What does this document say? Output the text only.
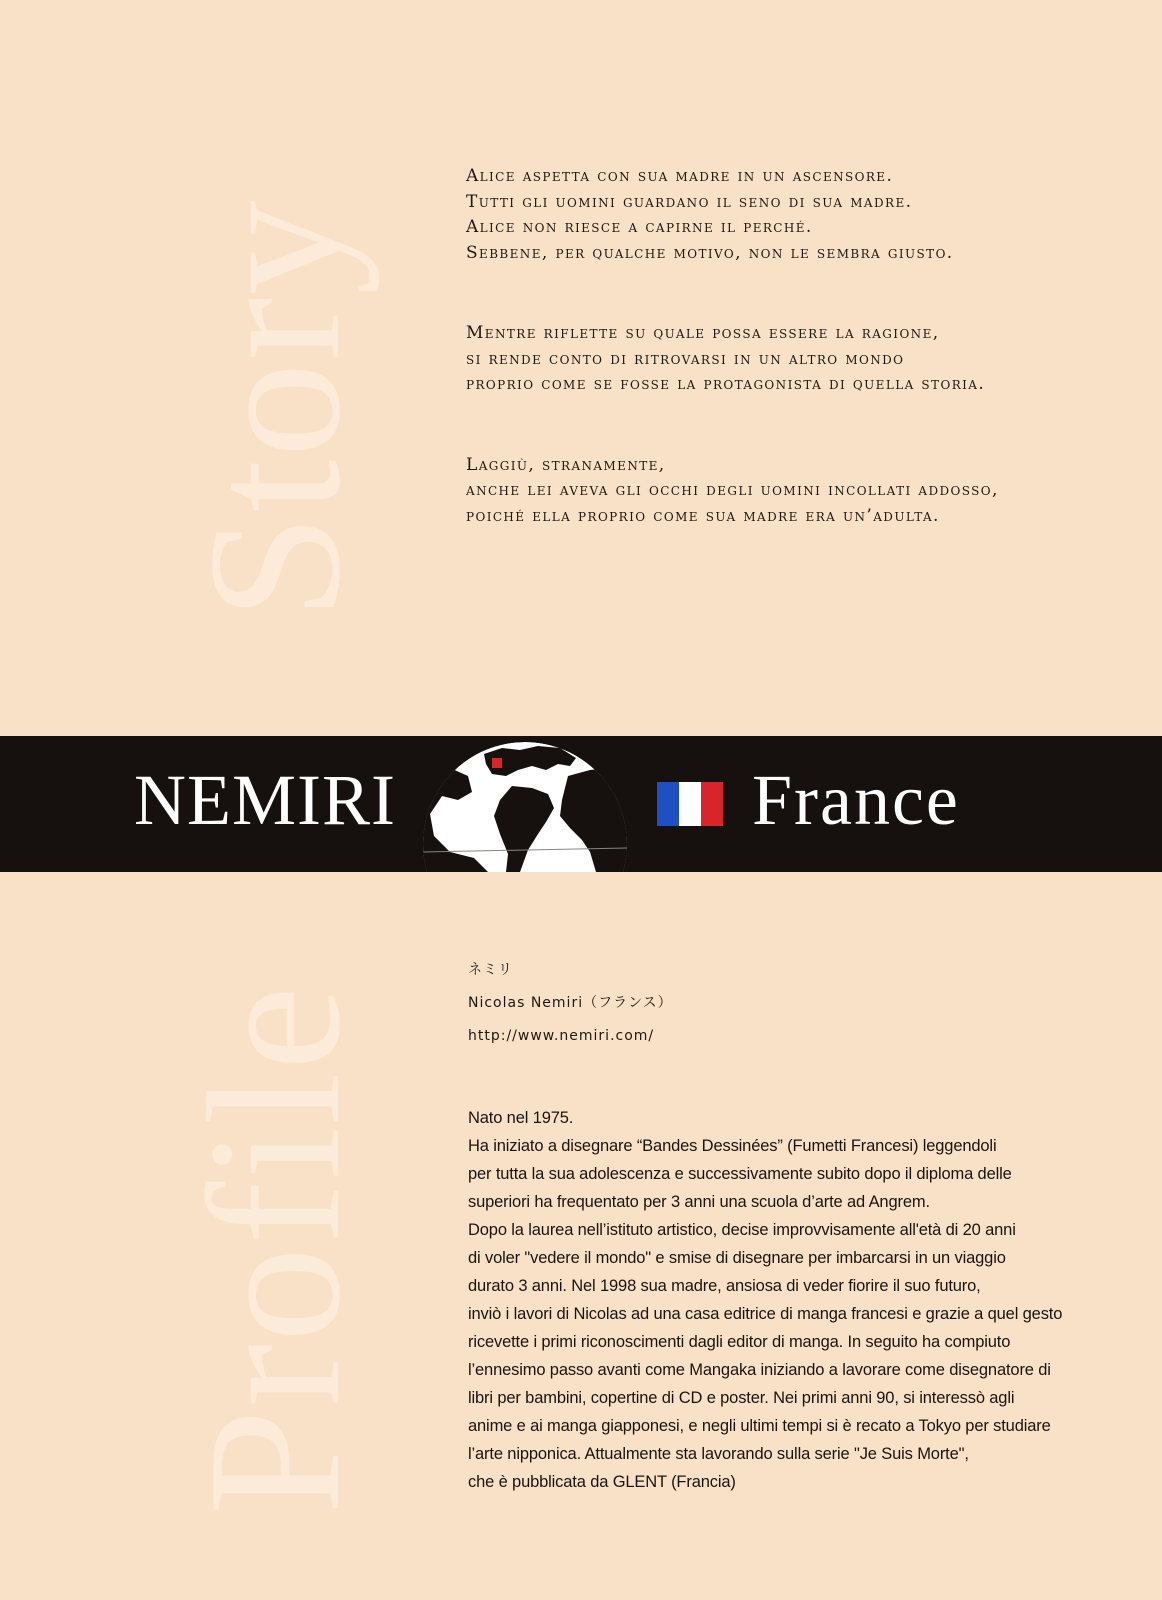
Story
Profile

Alice aspetta con sua madre in un ascensore.

Tutti gli uomini guardano il seno di sua madre.

Alice non riesce a capirne il perché.

Sebbene, per qualche motivo, non le sembra giusto.

Mentre riflette su quale possa essere la ragione,

si rende conto di ritrovarsi in un altro mondo

proprio come se fosse la protagonista di quella storia.

Laggiù, stranamente,

anche lei aveva gli occhi degli uomini incollati addosso,

poiché ella proprio come sua madre era un’adulta.

NEMIRI	France
ネミリ
Nicolas Nemiri（フランス）
http://www.nemiri.com/
Nato nel 1975.
Ha iniziato a disegnare “Bandes Dessinées” (Fumetti Francesi) leggendoli
per tutta la sua adolescenza e successivamente subito dopo il diploma delle
superiori ha frequentato per 3 anni una scuola d’arte ad Angrem.
Dopo la laurea nell’istituto artistico, decise improvvisamente all'età di 20 anni
di voler "vedere il mondo" e smise di disegnare per imbarcarsi in un viaggio
durato 3 anni. Nel 1998 sua madre, ansiosa di veder fiorire il suo futuro,
inviò i lavori di Nicolas ad una casa editrice di manga francesi e grazie a quel gesto
ricevette i primi riconoscimenti dagli editor di manga. In seguito ha compiuto
l’ennesimo passo avanti come Mangaka iniziando a lavorare come disegnatore di
libri per bambini, copertine di CD e poster. Nei primi anni 90, si interessò agli
anime e ai manga giapponesi, e negli ultimi tempi si è recato a Tokyo per studiare
l’arte nipponica. Attualmente sta lavorando sulla serie "Je Suis Morte",
che è pubblicata da GLENT (Francia)
